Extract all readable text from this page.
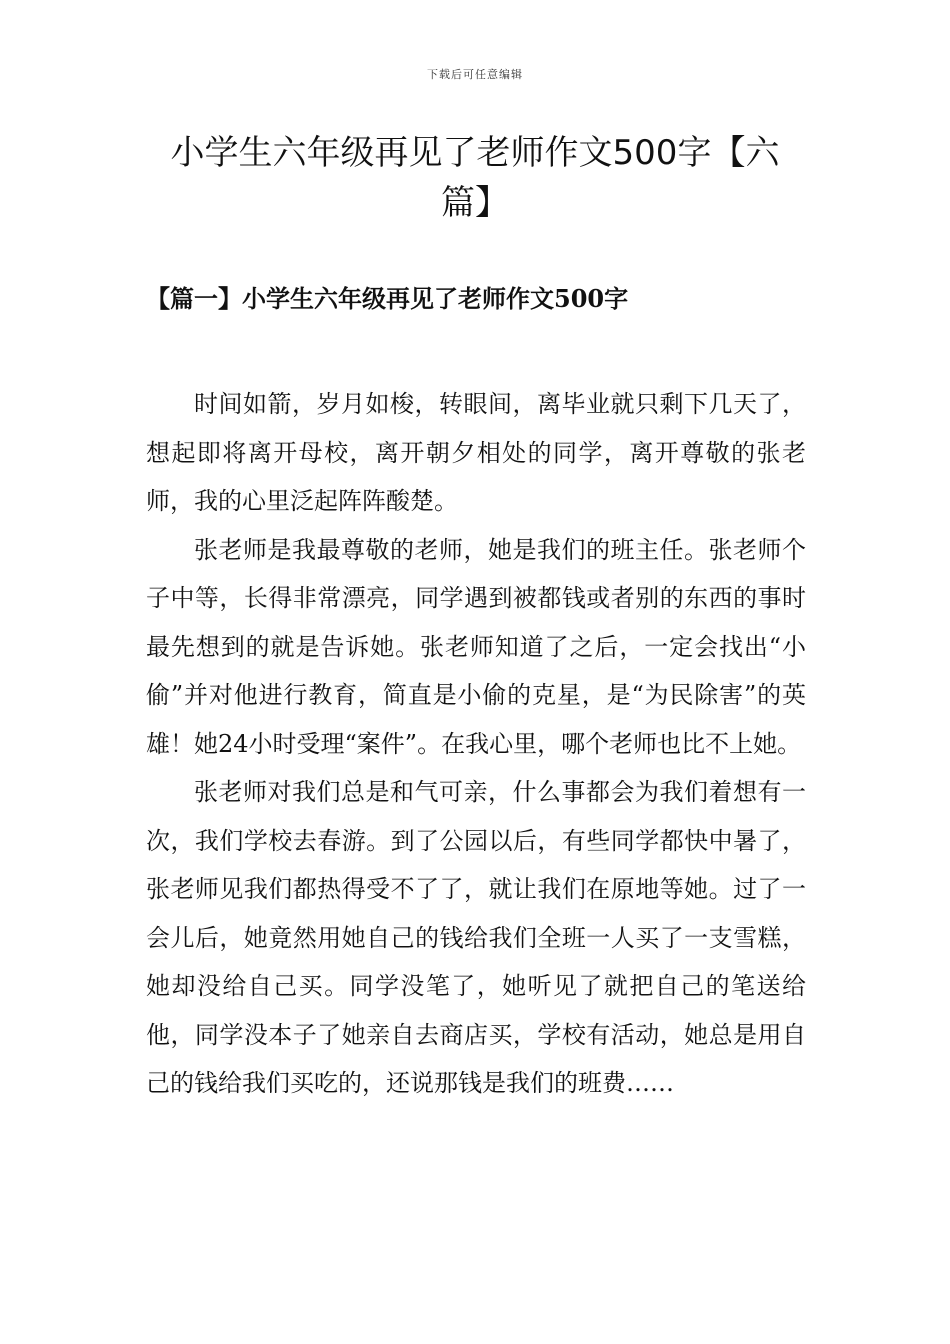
下载后可任意编辑
小学生六年级再见了老师作文500字【六篇】
【篇一】小学生六年级再见了老师作文500字

时间如箭，岁月如梭，转眼间，离毕业就只剩下几天了，想起即将离开母校，离开朝夕相处的同学，离开尊敬的张老师，我的心里泛起阵阵酸楚。

张老师是我最尊敬的老师，她是我们的班主任。张老师个子中等，长得非常漂亮，同学遇到被都钱或者别的东西的事时最先想到的就是告诉她。张老师知道了之后，一定会找出“小偷”并对他进行教育，简直是小偷的克星，是“为民除害”的英雄！她24小时受理“案件”。在我心里，哪个老师也比不上她。

张老师对我们总是和气可亲，什么事都会为我们着想有一次，我们学校去春游。到了公园以后，有些同学都快中暑了，张老师见我们都热得受不了了，就让我们在原地等她。过了一会儿后，她竟然用她自己的钱给我们全班一人买了一支雪糕，她却没给自己买。同学没笔了，她听见了就把自己的笔送给他，同学没本子了她亲自去商店买，学校有活动，她总是用自己的钱给我们买吃的，还说那钱是我们的班费……
